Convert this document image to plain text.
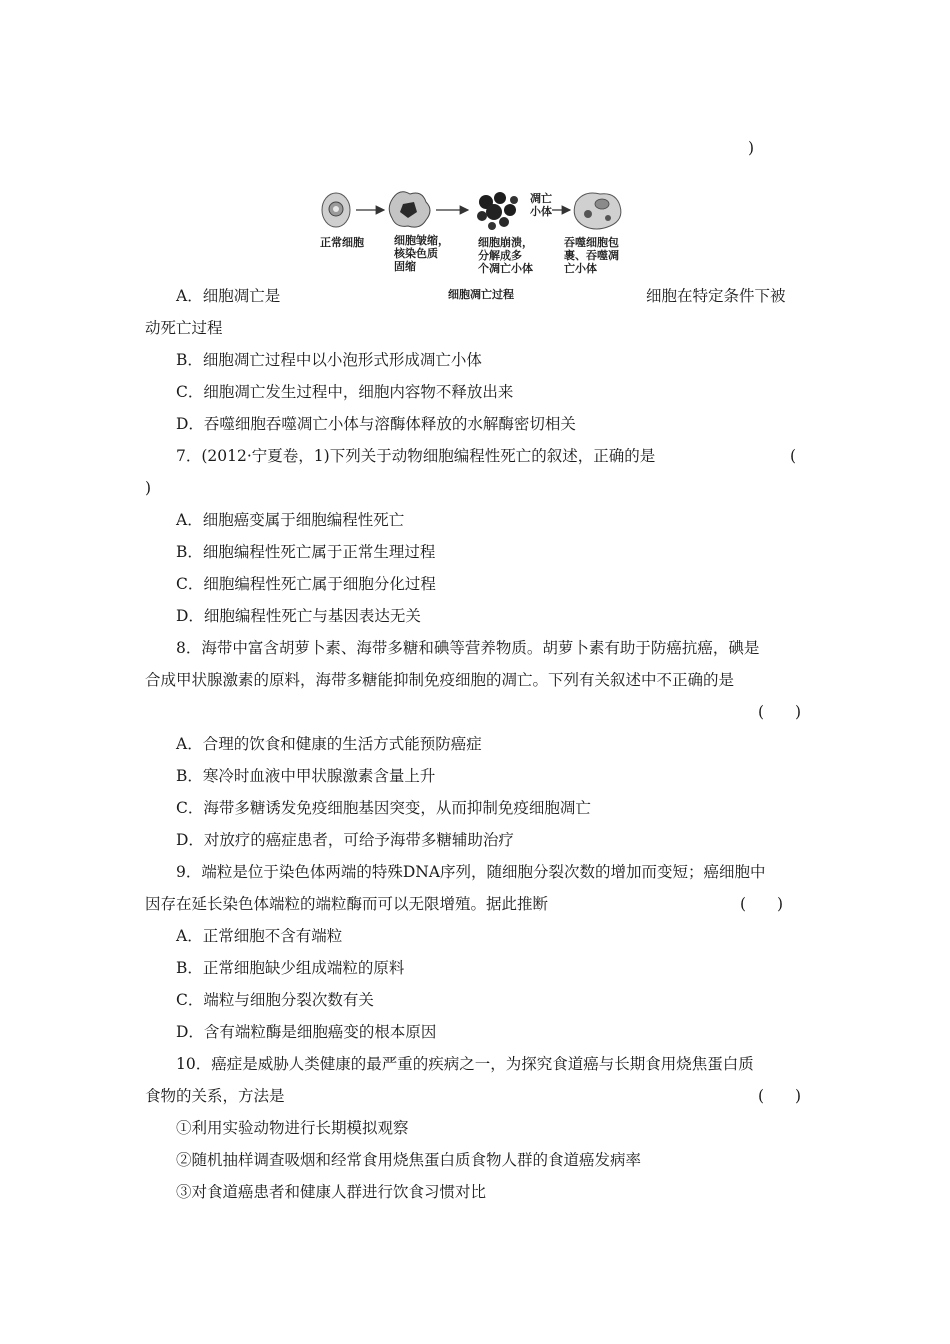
)
正常细胞	细胞皱缩，
核染色质
固缩
细胞崩溃，
分解成多
个凋亡小体
凋亡
小体
吞噬细胞包
裹、吞噬凋
亡小体
细胞凋亡过程
A．细胞凋亡是	细胞在特定条件下被
动死亡过程
B．细胞凋亡过程中以小泡形式形成凋亡小体
C．细胞凋亡发生过程中，细胞内容物不释放出来
D．吞噬细胞吞噬凋亡小体与溶酶体释放的水解酶密切相关
7．(2012·宁夏卷，1)下列关于动物细胞编程性死亡的叙述，正确的是	(
)
A．细胞癌变属于细胞编程性死亡
B．细胞编程性死亡属于正常生理过程
C．细胞编程性死亡属于细胞分化过程
D．细胞编程性死亡与基因表达无关
8．海带中富含胡萝卜素、海带多糖和碘等营养物质。胡萝卜素有助于防癌抗癌，碘是
合成甲状腺激素的原料，海带多糖能抑制免疫细胞的凋亡。下列有关叙述中不正确的是
(　　)
A．合理的饮食和健康的生活方式能预防癌症
B．寒冷时血液中甲状腺激素含量上升
C．海带多糖诱发免疫细胞基因突变，从而抑制免疫细胞凋亡
D．对放疗的癌症患者，可给予海带多糖辅助治疗
9．端粒是位于染色体两端的特殊DNA序列，随细胞分裂次数的增加而变短；癌细胞中
因存在延长染色体端粒的端粒酶而可以无限增殖。据此推断	(　　)
A．正常细胞不含有端粒
B．正常细胞缺少组成端粒的原料
C．端粒与细胞分裂次数有关
D．含有端粒酶是细胞癌变的根本原因
10．癌症是威胁人类健康的最严重的疾病之一，为探究食道癌与长期食用烧焦蛋白质
食物的关系，方法是	(　　)
①利用实验动物进行长期模拟观察
②随机抽样调查吸烟和经常食用烧焦蛋白质食物人群的食道癌发病率
③对食道癌患者和健康人群进行饮食习惯对比
